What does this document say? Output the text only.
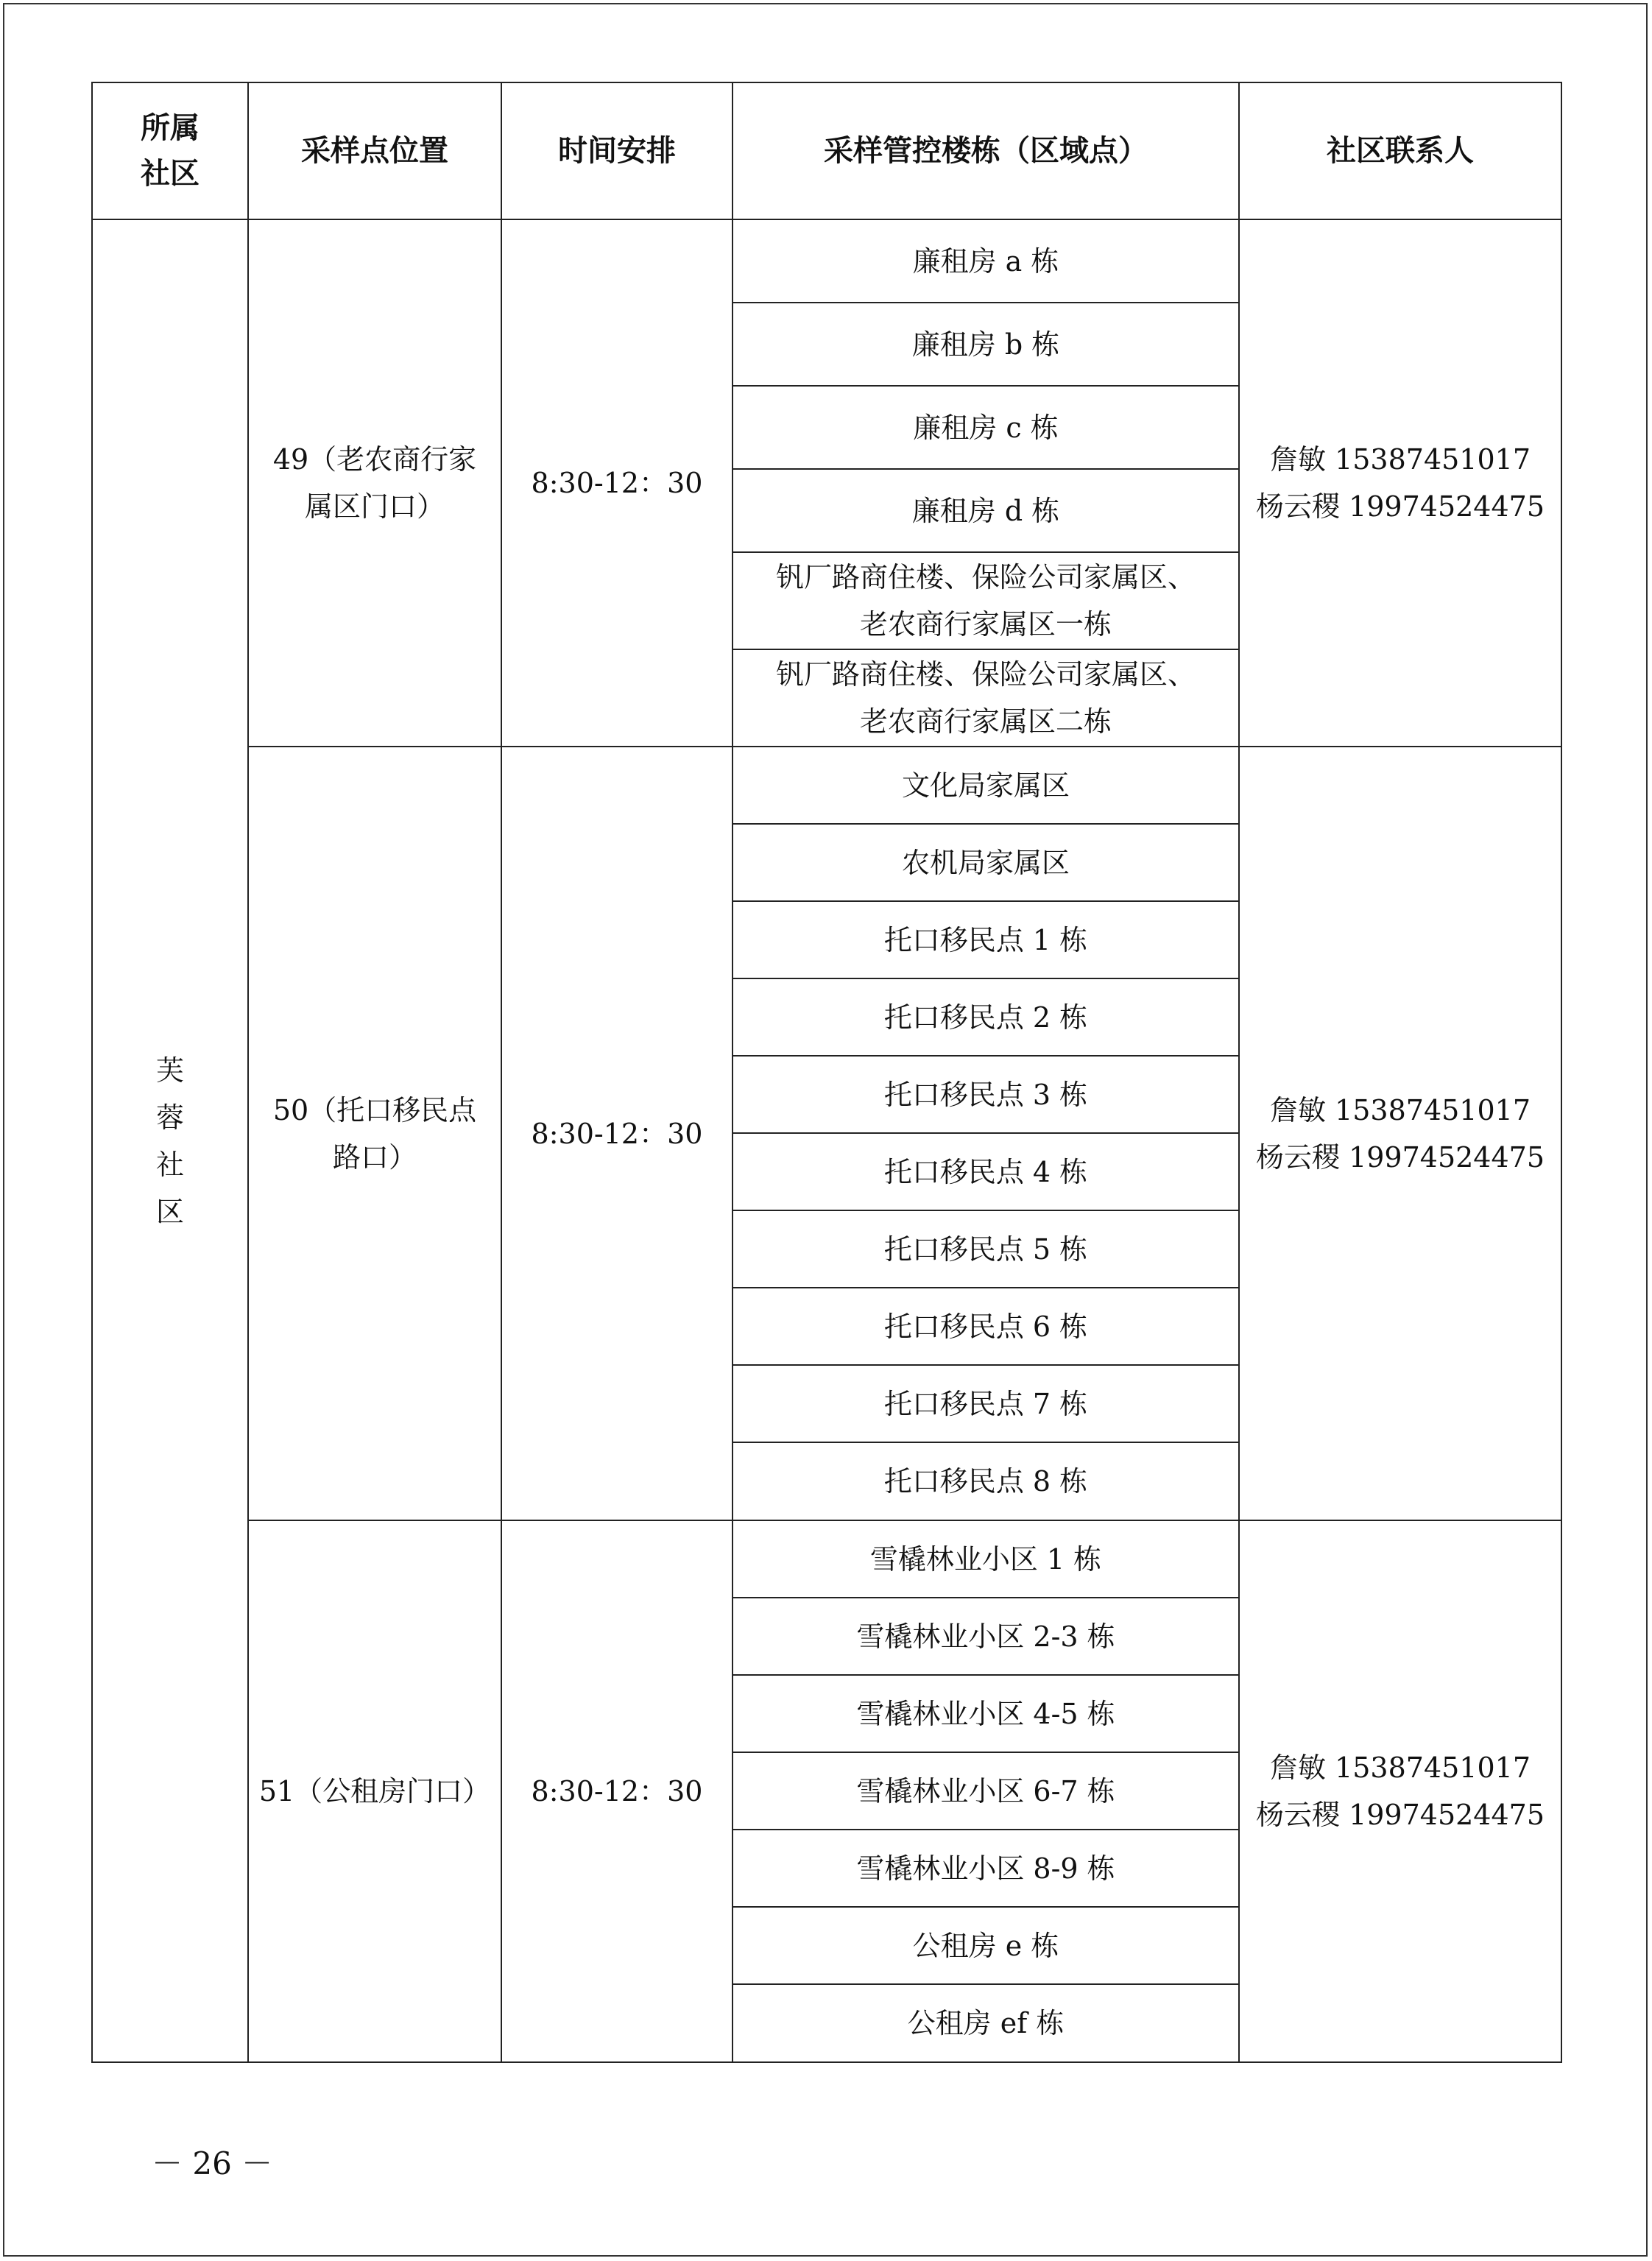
所属
社区	采样点位置	时间安排	采样管控楼栋（区域点）	社区联系人

芙
蓉
社
区	49（老农商行家
属区门口）	8:30-12：30	廉租房 a 栋	詹敏 15387451017
杨云稷 19974524475

			廉租房 b 栋	

			廉租房 c 栋	

			廉租房 d 栋	

			钒厂路商住楼、保险公司家属区、
老农商行家属区一栋	

			钒厂路商住楼、保险公司家属区、
老农商行家属区二栋	

	50（托口移民点
路口）	8:30-12：30	文化局家属区	詹敏 15387451017
杨云稷 19974524475

			农机局家属区	

			托口移民点 1 栋	

			托口移民点 2 栋	

			托口移民点 3 栋	

			托口移民点 4 栋	

			托口移民点 5 栋	

			托口移民点 6 栋	

			托口移民点 7 栋	

			托口移民点 8 栋	

	51（公租房门口）	8:30-12：30	雪橇林业小区 1 栋	詹敏 15387451017
杨云稷 19974524475

			雪橇林业小区 2-3 栋	

			雪橇林业小区 4-5 栋	

			雪橇林业小区 6-7 栋	

			雪橇林业小区 8-9 栋	

			公租房 e 栋	

			公租房 ef 栋	
－ 26 －
